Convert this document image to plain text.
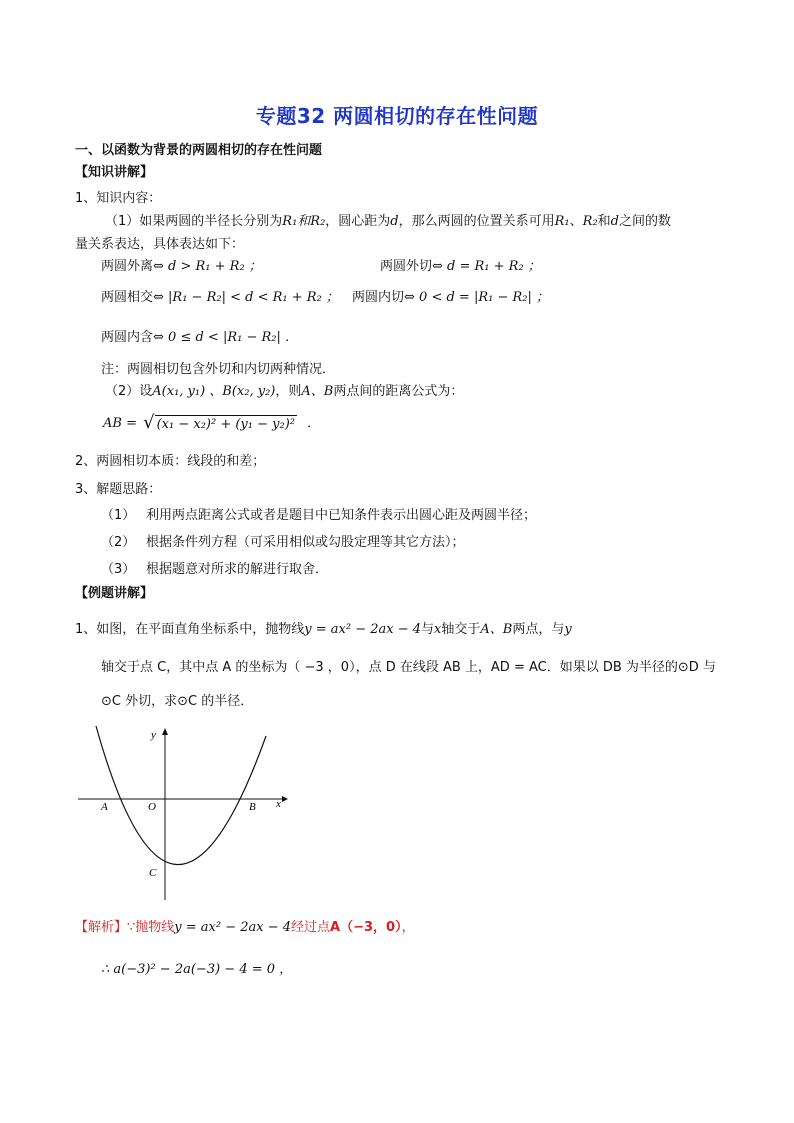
专题32 两圆相切的存在性问题
一、以函数为背景的两圆相切的存在性问题
【知识讲解】
1、知识内容：
（1）如果两圆的半径长分别为R₁和R₂，圆心距为d，那么两圆的位置关系可用R₁、R₂和d之间的数
量关系表达，具体表达如下：
两圆外离⇔ d > R₁ + R₂ ；	两圆外切⇔ d = R₁ + R₂ ；
两圆相交⇔ |R₁ − R₂| < d < R₁ + R₂ ； 两圆内切⇔ 0 < d = |R₁ − R₂| ；
两圆内含⇔ 0 ≤ d < |R₁ − R₂| ．
注：两圆相切包含外切和内切两种情况．
（2）设A(x₁, y₁) 、B(x₂, y₂)，则A、B两点间的距离公式为：
AB = √ (x₁ − x₂)² + (y₁ − y₂)² ．
2、两圆相切本质：线段的和差；
3、解题思路：
（1） 利用两点距离公式或者是题目中已知条件表示出圆心距及两圆半径；
（2） 根据条件列方程（可采用相似或勾股定理等其它方法）；
（3） 根据题意对所求的解进行取舍．
【例题讲解】
1、如图，在平面直角坐标系中，抛物线y = ax² − 2ax − 4与x轴交于A、B两点，与y
轴交于点 C，其中点 A 的坐标为（ −3 ，0），点 D 在线段 AB 上，AD = AC．如果以 DB 为半径的⊙D 与
⊙C 外切，求⊙C 的半径．
y
x
A	O	B
C
【解析】∵抛物线y = ax² − 2ax − 4经过点A（−3，0），
∴ a(−3)² − 2a(−3) − 4 = 0 ，
